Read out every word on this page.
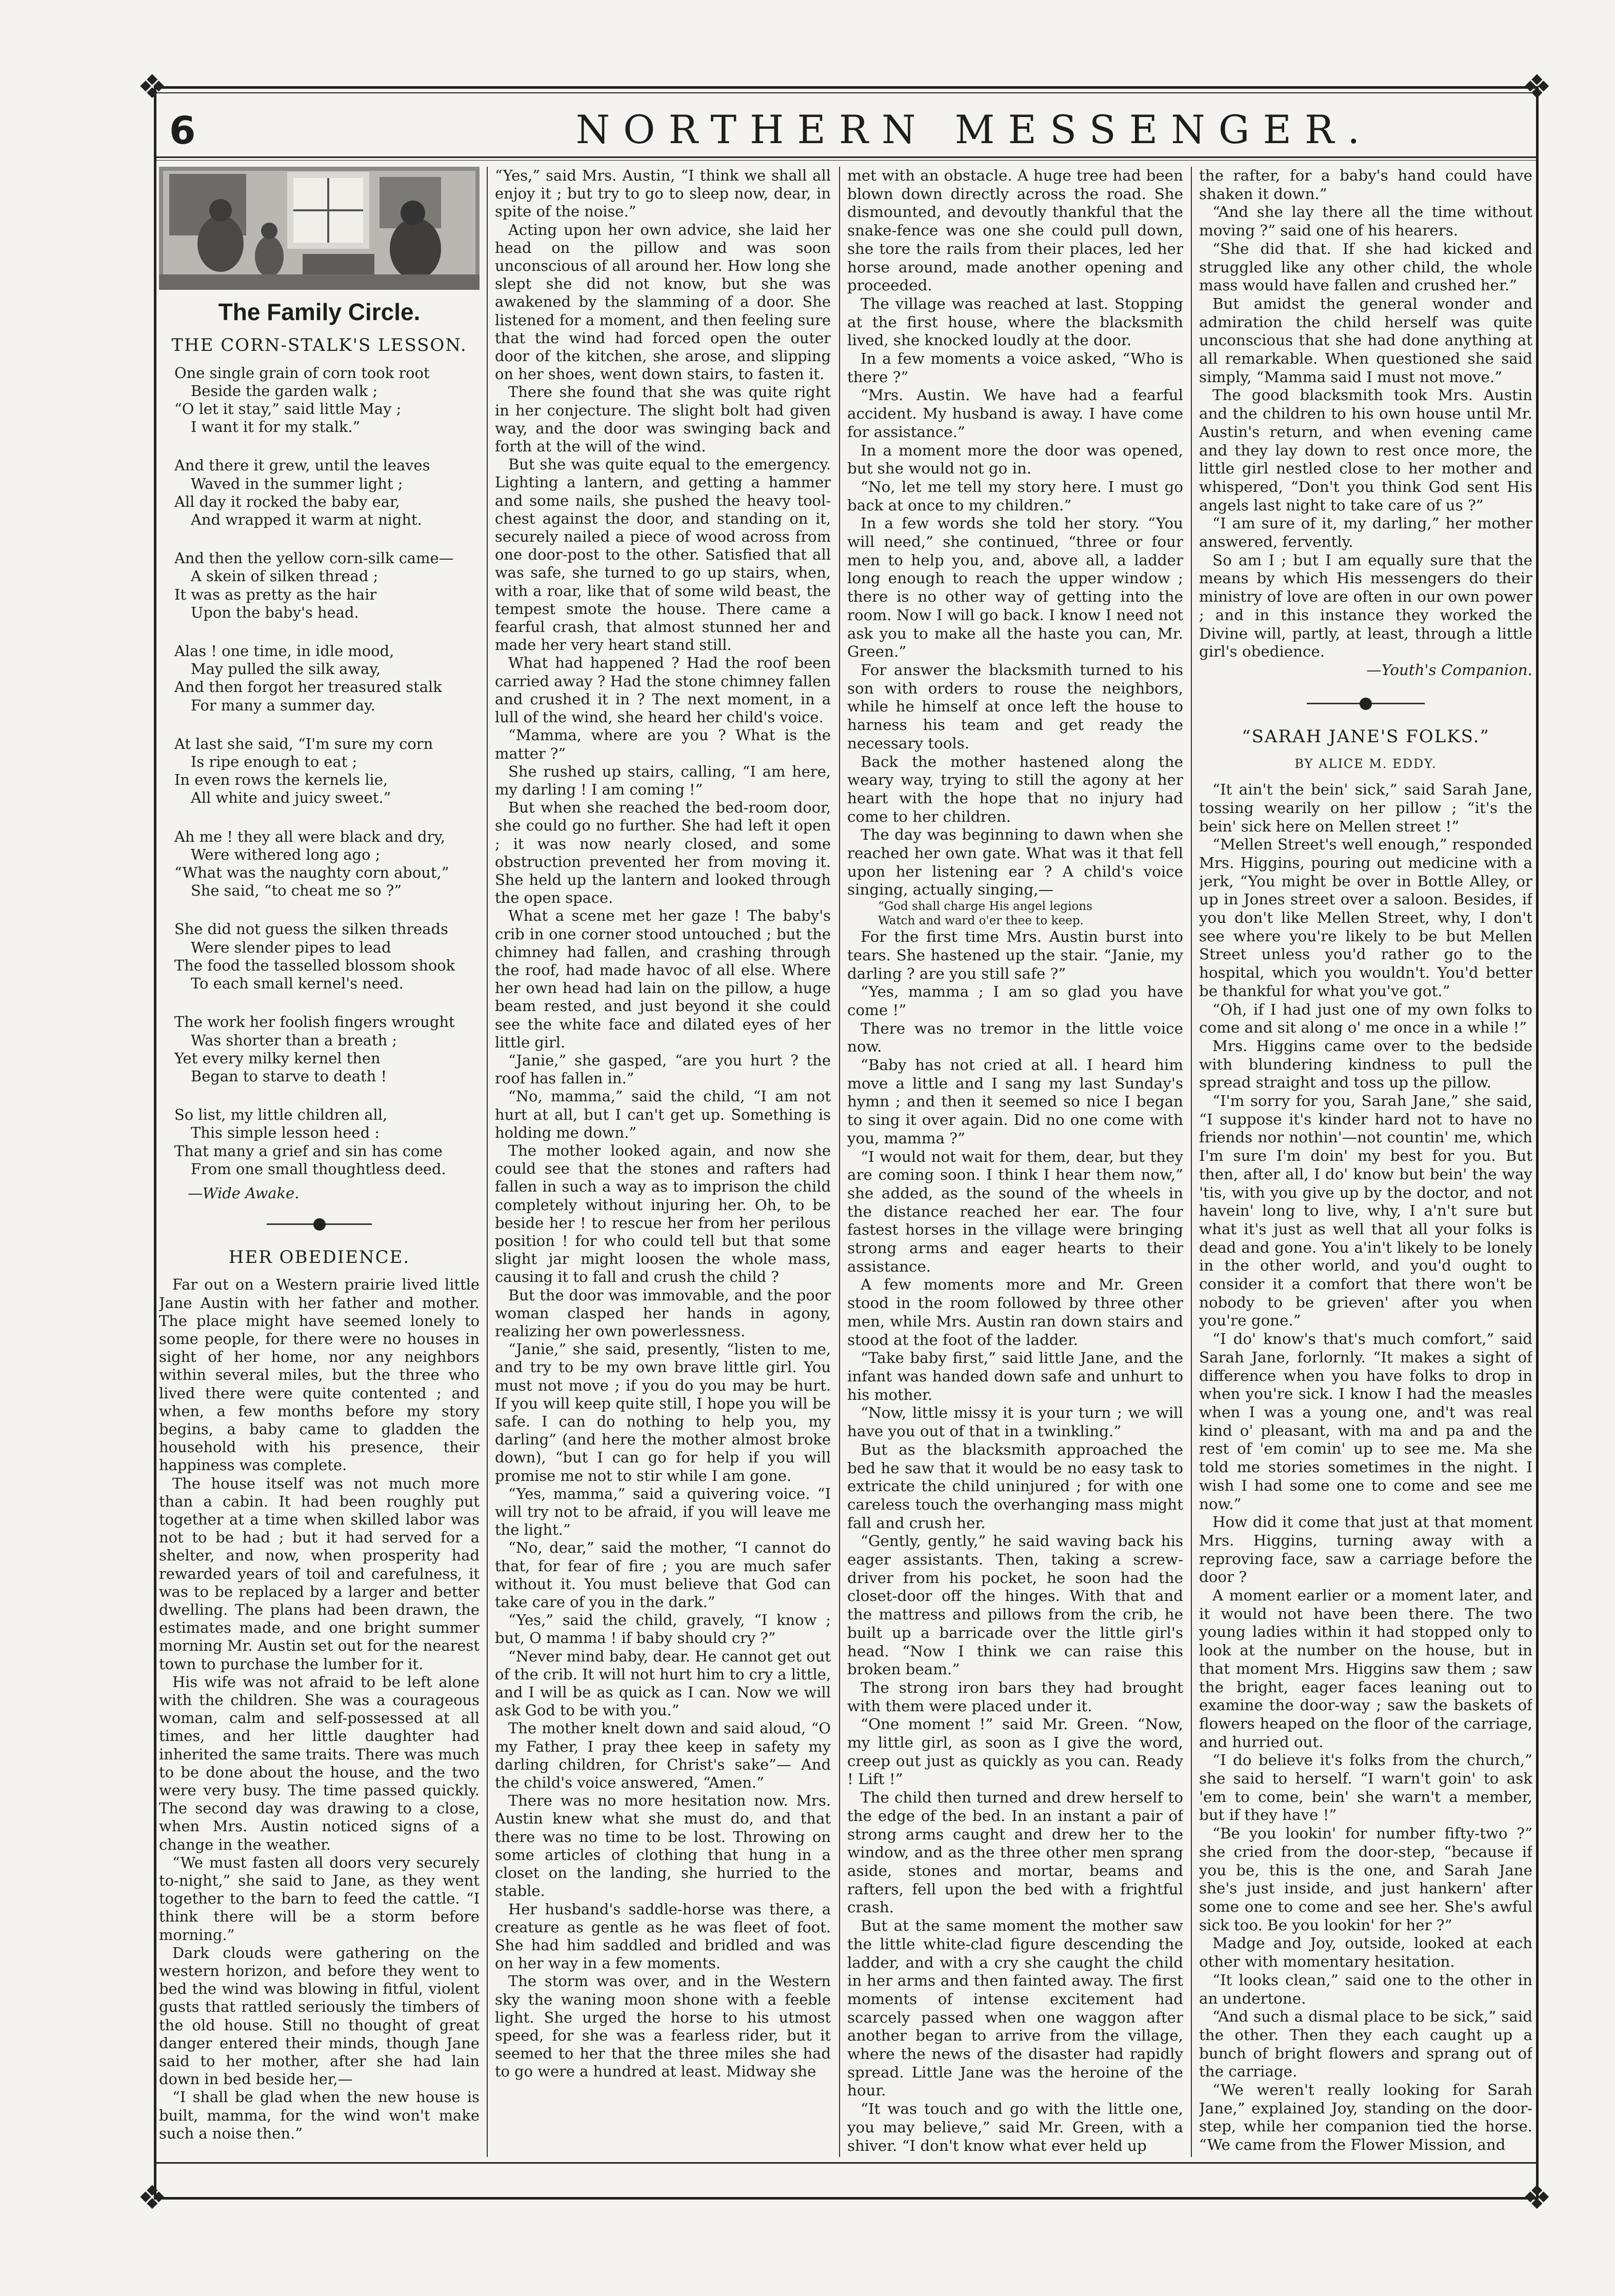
❖	❖
❖	❖
6	NORTHERN MESSENGER.
The Family Circle.
THE CORN-STALK'S LESSON.
One single grain of corn took root
Beside the garden walk ;
“O let it stay,” said little May ;
I want it for my stalk.”
And there it grew, until the leaves
Waved in the summer light ;
All day it rocked the baby ear,
And wrapped it warm at night.
And then the yellow corn-silk came—
A skein of silken thread ;
It was as pretty as the hair
Upon the baby's head.
Alas ! one time, in idle mood,
May pulled the silk away,
And then forgot her treasured stalk
For many a summer day.
At last she said, “I'm sure my corn
Is ripe enough to eat ;
In even rows the kernels lie,
All white and juicy sweet.”
Ah me ! they all were black and dry,
Were withered long ago ;
“What was the naughty corn about,”
She said, “to cheat me so ?”
She did not guess the silken threads
Were slender pipes to lead
The food the tasselled blossom shook
To each small kernel's need.
The work her foolish fingers wrought
Was shorter than a breath ;
Yet every milky kernel then
Began to starve to death !
So list, my little children all,
This simple lesson heed :
That many a grief and sin has come
From one small thoughtless deed.

—Wide Awake.

HER OBEDIENCE.

Far out on a Western prairie lived little Jane Austin with her father and mother. The place might have seemed lonely to some people, for there were no houses in sight of her home, nor any neighbors within several miles, but the three who lived there were quite contented ; and when, a few months before my story begins, a baby came to gladden the household with his presence, their happiness was complete.

The house itself was not much more than a cabin. It had been roughly put together at a time when skilled labor was not to be had ; but it had served for a shelter, and now, when prosperity had rewarded years of toil and carefulness, it was to be replaced by a larger and better dwelling. The plans had been drawn, the estimates made, and one bright summer morning Mr. Austin set out for the nearest town to purchase the lumber for it.

His wife was not afraid to be left alone with the children. She was a courageous woman, calm and self-possessed at all times, and her little daughter had inherited the same traits. There was much to be done about the house, and the two were very busy. The time passed quickly. The second day was drawing to a close, when Mrs. Austin noticed signs of a change in the weather.

“We must fasten all doors very securely to-night,” she said to Jane, as they went together to the barn to feed the cattle. “I think there will be a storm before morning.”

Dark clouds were gathering on the western horizon, and before they went to bed the wind was blowing in fitful, violent gusts that rattled seriously the timbers of the old house. Still no thought of great danger entered their minds, though Jane said to her mother, after she had lain down in bed beside her,—

“I shall be glad when the new house is built, mamma, for the wind won't make such a noise then.”

“Yes,” said Mrs. Austin, “I think we shall all enjoy it ; but try to go to sleep now, dear, in spite of the noise.”

Acting upon her own advice, she laid her head on the pillow and was soon unconscious of all around her. How long she slept she did not know, but she was awakened by the slamming of a door. She listened for a moment, and then feeling sure that the wind had forced open the outer door of the kitchen, she arose, and slipping on her shoes, went down stairs, to fasten it.

There she found that she was quite right in her conjecture. The slight bolt had given way, and the door was swinging back and forth at the will of the wind.

But she was quite equal to the emergency. Lighting a lantern, and getting a hammer and some nails, she pushed the heavy tool-chest against the door, and standing on it, securely nailed a piece of wood across from one door-post to the other. Satisfied that all was safe, she turned to go up stairs, when, with a roar, like that of some wild beast, the tempest smote the house. There came a fearful crash, that almost stunned her and made her very heart stand still.

What had happened ? Had the roof been carried away ? Had the stone chimney fallen and crushed it in ? The next moment, in a lull of the wind, she heard her child's voice.

“Mamma, where are you ? What is the matter ?”

She rushed up stairs, calling, “I am here, my darling ! I am coming !”

But when she reached the bed-room door, she could go no further. She had left it open ; it was now nearly closed, and some obstruction prevented her from moving it. She held up the lantern and looked through the open space.

What a scene met her gaze ! The baby's crib in one corner stood untouched ; but the chimney had fallen, and crashing through the roof, had made havoc of all else. Where her own head had lain on the pillow, a huge beam rested, and just beyond it she could see the white face and dilated eyes of her little girl.

“Janie,” she gasped, “are you hurt ? the roof has fallen in.”

“No, mamma,” said the child, “I am not hurt at all, but I can't get up. Something is holding me down.”

The mother looked again, and now she could see that the stones and rafters had fallen in such a way as to imprison the child completely without injuring her. Oh, to be beside her ! to rescue her from her perilous position ! for who could tell but that some slight jar might loosen the whole mass, causing it to fall and crush the child ?

But the door was immovable, and the poor woman clasped her hands in agony, realizing her own powerlessness.

“Janie,” she said, presently, “listen to me, and try to be my own brave little girl. You must not move ; if you do you may be hurt. If you will keep quite still, I hope you will be safe. I can do nothing to help you, my darling” (and here the mother almost broke down), “but I can go for help if you will promise me not to stir while I am gone.

“Yes, mamma,” said a quivering voice. “I will try not to be afraid, if you will leave me the light.”

“No, dear,” said the mother, “I cannot do that, for fear of fire ; you are much safer without it. You must believe that God can take care of you in the dark.”

“Yes,” said the child, gravely, “I know ; but, O mamma ! if baby should cry ?”

“Never mind baby, dear. He cannot get out of the crib. It will not hurt him to cry a little, and I will be as quick as I can. Now we will ask God to be with you.”

The mother knelt down and said aloud, “O my Father, I pray thee keep in safety my darling children, for Christ's sake”— And the child's voice answered, “Amen.”

There was no more hesitation now. Mrs. Austin knew what she must do, and that there was no time to be lost. Throwing on some articles of clothing that hung in a closet on the landing, she hurried to the stable.

Her husband's saddle-horse was there, a creature as gentle as he was fleet of foot. She had him saddled and bridled and was on her way in a few moments.

The storm was over, and in the Western sky the waning moon shone with a feeble light. She urged the horse to his utmost speed, for she was a fearless rider, but it seemed to her that the three miles she had to go were a hundred at least. Midway she

met with an obstacle. A huge tree had been blown down directly across the road. She dismounted, and devoutly thankful that the snake-fence was one she could pull down, she tore the rails from their places, led her horse around, made another opening and proceeded.

The village was reached at last. Stopping at the first house, where the blacksmith lived, she knocked loudly at the door.

In a few moments a voice asked, “Who is there ?”

“Mrs. Austin. We have had a fearful accident. My husband is away. I have come for assistance.”

In a moment more the door was opened, but she would not go in.

“No, let me tell my story here. I must go back at once to my children.”

In a few words she told her story. “You will need,” she continued, “three or four men to help you, and, above all, a ladder long enough to reach the upper window ; there is no other way of getting into the room. Now I will go back. I know I need not ask you to make all the haste you can, Mr. Green.”

For answer the blacksmith turned to his son with orders to rouse the neighbors, while he himself at once left the house to harness his team and get ready the necessary tools.

Back the mother hastened along the weary way, trying to still the agony at her heart with the hope that no injury had come to her children.

The day was beginning to dawn when she reached her own gate. What was it that fell upon her listening ear ? A child's voice singing, actually singing,—

“God shall charge His angel legions

Watch and ward o'er thee to keep.

For the first time Mrs. Austin burst into tears. She hastened up the stair. “Janie, my darling ? are you still safe ?”

“Yes, mamma ; I am so glad you have come !”

There was no tremor in the little voice now.

“Baby has not cried at all. I heard him move a little and I sang my last Sunday's hymn ; and then it seemed so nice I began to sing it over again. Did no one come with you, mamma ?”

“I would not wait for them, dear, but they are coming soon. I think I hear them now,” she added, as the sound of the wheels in the distance reached her ear. The four fastest horses in the village were bringing strong arms and eager hearts to their assistance.

A few moments more and Mr. Green stood in the room followed by three other men, while Mrs. Austin ran down stairs and stood at the foot of the ladder.

“Take baby first,” said little Jane, and the infant was handed down safe and unhurt to his mother.

“Now, little missy it is your turn ; we will have you out of that in a twinkling.”

But as the blacksmith approached the bed he saw that it would be no easy task to extricate the child uninjured ; for with one careless touch the overhanging mass might fall and crush her.

“Gently, gently,” he said waving back his eager assistants. Then, taking a screw-driver from his pocket, he soon had the closet-door off the hinges. With that and the mattress and pillows from the crib, he built up a barricade over the little girl's head. “Now I think we can raise this broken beam.”

The strong iron bars they had brought with them were placed under it.

“One moment !” said Mr. Green. “Now, my little girl, as soon as I give the word, creep out just as quickly as you can. Ready ! Lift !”

The child then turned and drew herself to the edge of the bed. In an instant a pair of strong arms caught and drew her to the window, and as the three other men sprang aside, stones and mortar, beams and rafters, fell upon the bed with a frightful crash.

But at the same moment the mother saw the little white-clad figure descending the ladder, and with a cry she caught the child in her arms and then fainted away. The first moments of intense excitement had scarcely passed when one waggon after another began to arrive from the village, where the news of the disaster had rapidly spread. Little Jane was the heroine of the hour.

“It was touch and go with the little one, you may believe,” said Mr. Green, with a shiver. “I don't know what ever held up

the rafter, for a baby's hand could have shaken it down.”

“And she lay there all the time without moving ?” said one of his hearers.

“She did that. If she had kicked and struggled like any other child, the whole mass would have fallen and crushed her.”

But amidst the general wonder and admiration the child herself was quite unconscious that she had done anything at all remarkable. When questioned she said simply, “Mamma said I must not move.”

The good blacksmith took Mrs. Austin and the children to his own house until Mr. Austin's return, and when evening came and they lay down to rest once more, the little girl nestled close to her mother and whispered, “Don't you think God sent His angels last night to take care of us ?”

“I am sure of it, my darling,” her mother answered, fervently.

So am I ; but I am equally sure that the means by which His messengers do their ministry of love are often in our own power ; and in this instance they worked the Divine will, partly, at least, through a little girl's obedience.

—Youth's Companion.

“SARAH JANE'S FOLKS.”
BY ALICE M. EDDY.

“It ain't the bein' sick,” said Sarah Jane, tossing wearily on her pillow ; “it's the bein' sick here on Mellen street !”

“Mellen Street's well enough,” responded Mrs. Higgins, pouring out medicine with a jerk, “You might be over in Bottle Alley, or up in Jones street over a saloon. Besides, if you don't like Mellen Street, why, I don't see where you're likely to be but Mellen Street unless you'd rather go to the hospital, which you wouldn't. You'd better be thankful for what you've got.”

“Oh, if I had just one of my own folks to come and sit along o' me once in a while !”

Mrs. Higgins came over to the bedside with blundering kindness to pull the spread straight and toss up the pillow.

“I'm sorry for you, Sarah Jane,” she said, “I suppose it's kinder hard not to have no friends nor nothin'—not countin' me, which I'm sure I'm doin' my best for you. But then, after all, I do' know but bein' the way 'tis, with you give up by the doctor, and not havein' long to live, why, I a'n't sure but what it's just as well that all your folks is dead and gone. You a'in't likely to be lonely in the other world, and you'd ought to consider it a comfort that there won't be nobody to be grieven' after you when you're gone.”

“I do' know's that's much comfort,” said Sarah Jane, forlornly. “It makes a sight of difference when you have folks to drop in when you're sick. I know I had the measles when I was a young one, and't was real kind o' pleasant, with ma and pa and the rest of 'em comin' up to see me. Ma she told me stories sometimes in the night. I wish I had some one to come and see me now.”

How did it come that just at that moment Mrs. Higgins, turning away with a reproving face, saw a carriage before the door ?

A moment earlier or a moment later, and it would not have been there. The two young ladies within it had stopped only to look at the number on the house, but in that moment Mrs. Higgins saw them ; saw the bright, eager faces leaning out to examine the door-way ; saw the baskets of flowers heaped on the floor of the carriage, and hurried out.

“I do believe it's folks from the church,” she said to herself. “I warn't goin' to ask 'em to come, bein' she warn't a member, but if they have !”

“Be you lookin' for number fifty-two ?” she cried from the door-step, “because if you be, this is the one, and Sarah Jane she's just inside, and just hankern' after some one to come and see her. She's awful sick too. Be you lookin' for her ?”

Madge and Joy, outside, looked at each other with momentary hesitation.

“It looks clean,” said one to the other in an undertone.

“And such a dismal place to be sick,” said the other. Then they each caught up a bunch of bright flowers and sprang out of the carriage.

“We weren't really looking for Sarah Jane,” explained Joy, standing on the door-step, while her companion tied the horse. “We came from the Flower Mission, and
